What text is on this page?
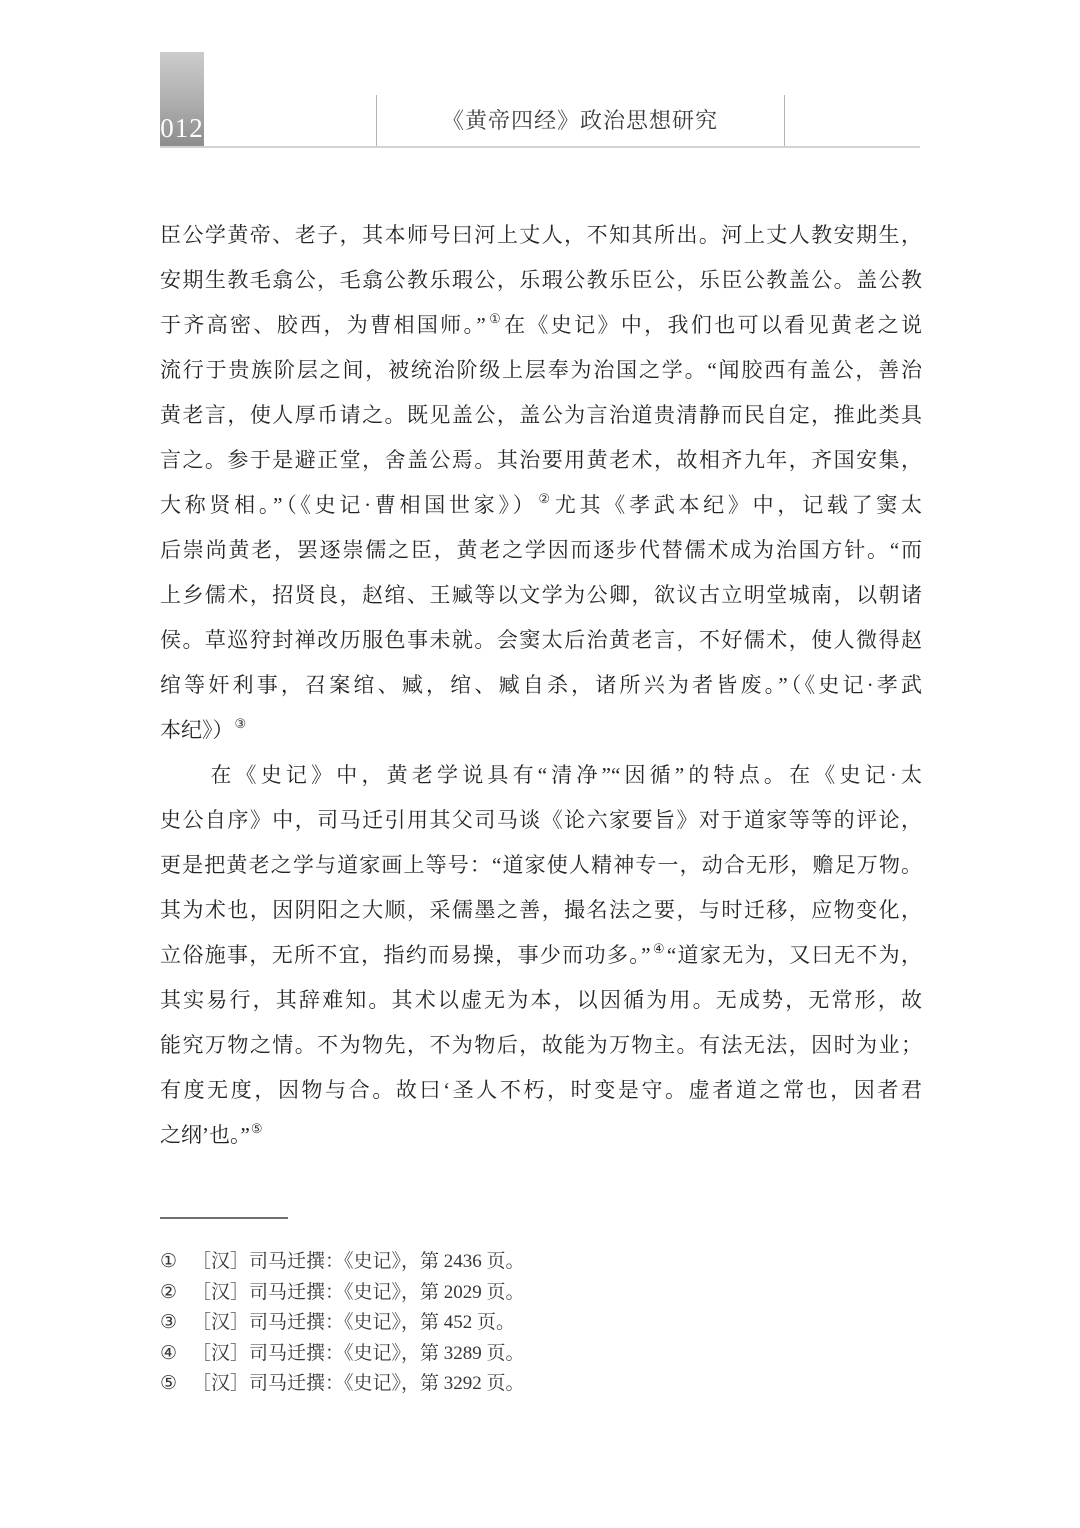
012	《黄帝四经》政治思想研究
臣公学黄帝、老子，其本师号曰河上丈人，不知其所出。河上丈人教安期生，
安期生教毛翕公，毛翕公教乐瑕公，乐瑕公教乐臣公，乐臣公教盖公。盖公教
于齐高密、胶西，为曹相国师。”①在《史记》中，我们也可以看见黄老之说
流行于贵族阶层之间，被统治阶级上层奉为治国之学。“闻胶西有盖公，善治
黄老言，使人厚币请之。既见盖公，盖公为言治道贵清静而民自定，推此类具
言之。参于是避正堂，舍盖公焉。其治要用黄老术，故相齐九年，齐国安集，
大称贤相。”（《史记·曹相国世家》）②尤其《孝武本纪》中，记载了窦太
后崇尚黄老，罢逐崇儒之臣，黄老之学因而逐步代替儒术成为治国方针。“而
上乡儒术，招贤良，赵绾、王臧等以文学为公卿，欲议古立明堂城南，以朝诸
侯。草巡狩封禅改历服色事未就。会窦太后治黄老言，不好儒术，使人微得赵
绾等奸利事，召案绾、臧，绾、臧自杀，诸所兴为者皆废。”（《史记·孝武
本纪》）③
　　在《史记》中，黄老学说具有“清净”“因循”的特点。在《史记·太
史公自序》中，司马迁引用其父司马谈《论六家要旨》对于道家等等的评论，
更是把黄老之学与道家画上等号：“道家使人精神专一，动合无形，赡足万物。
其为术也，因阴阳之大顺，采儒墨之善，撮名法之要，与时迁移，应物变化，
立俗施事，无所不宜，指约而易操，事少而功多。”④“道家无为，又曰无不为，
其实易行，其辞难知。其术以虚无为本，以因循为用。无成势，无常形，故
能究万物之情。不为物先，不为物后，故能为万物主。有法无法，因时为业；
有度无度，因物与合。故曰‘圣人不朽，时变是守。虚者道之常也，因者君
之纲’也。”⑤
① ［汉］司马迁撰：《史记》，第 2436 页。
② ［汉］司马迁撰：《史记》，第 2029 页。
③ ［汉］司马迁撰：《史记》，第 452 页。
④ ［汉］司马迁撰：《史记》，第 3289 页。
⑤ ［汉］司马迁撰：《史记》，第 3292 页。
